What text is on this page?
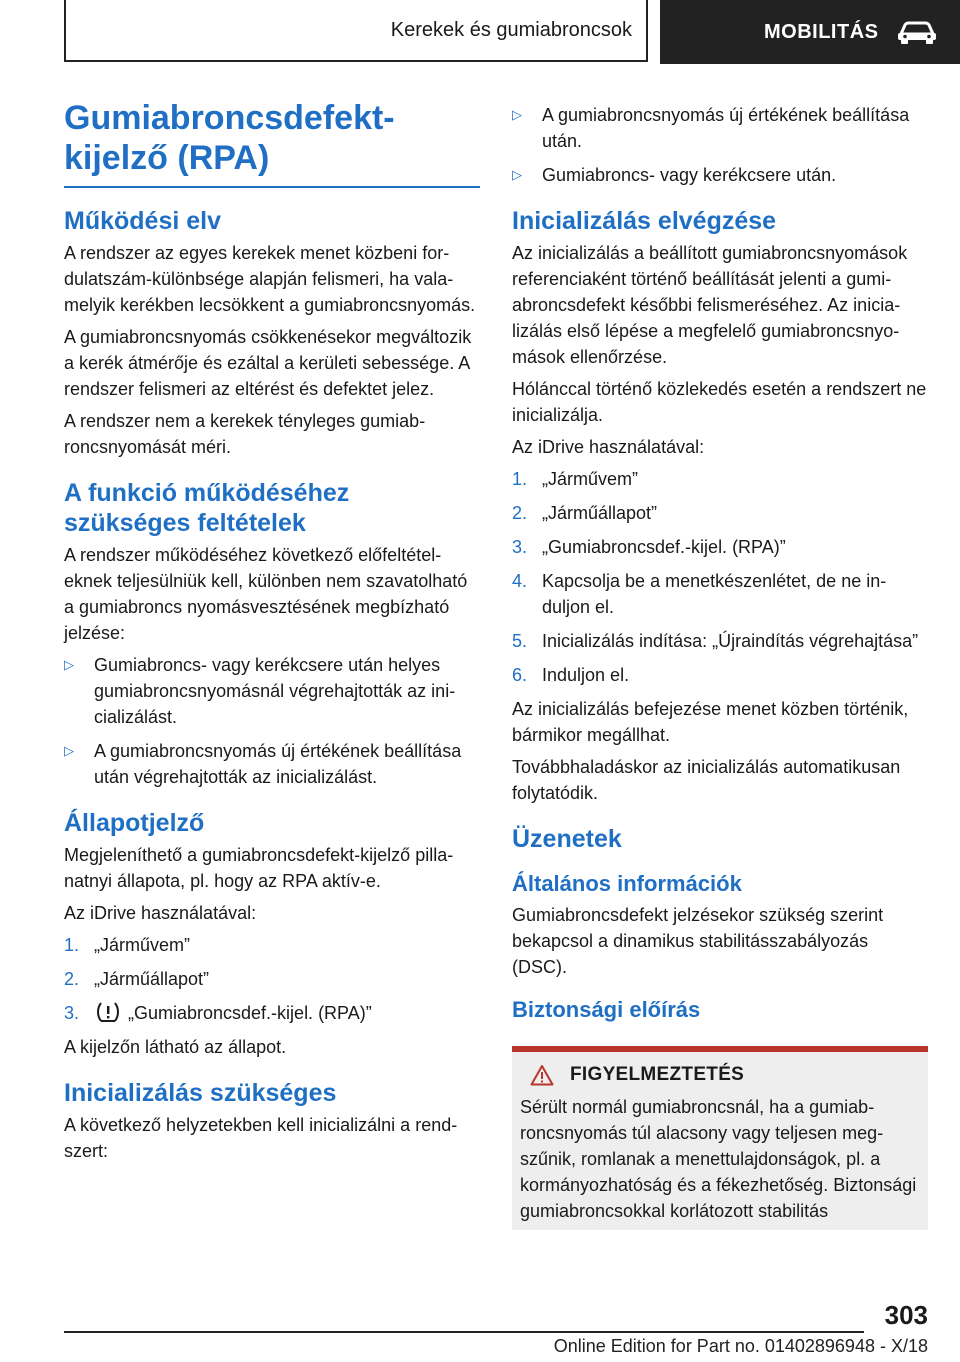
Kerekek és gumiabroncsok	MOBILITÁS
Gumiabroncsdefekt-kijelző (RPA)
Működési elv

A rendszer az egyes kerekek menet közbeni fordulatszám-különbsége alapján felismeri, ha valamelyik kerékben lecsökkent a gumiabroncsnyomás.

A gumiabroncsnyomás csökkenésekor megváltozik a kerék átmérője és ezáltal a kerületi sebessége. A rendszer felismeri az eltérést és defektet jelez.

A rendszer nem a kerekek tényleges gumiabroncsnyomását méri.

A funkció működéséhez szükséges feltételek

A rendszer működéséhez következő előfeltételeknek teljesülniük kell, különben nem szavatolható a gumiabroncs nyomásvesztésének megbízható jelzése:

▷	Gumiabroncs- vagy kerékcsere után helyes gumiabroncsnyomásnál végrehajtották az inicializálást.
▷	A gumiabroncsnyomás új értékének beállítása után végrehajtották az inicializálást.
Állapotjelző

Megjeleníthető a gumiabroncsdefekt-kijelző pillanatnyi állapota, pl. hogy az RPA aktív-e.

Az iDrive használatával:

1. „Járművem”
2. „Járműállapot”
3.	„Gumiabroncsdef.-kijel. (RPA)”

A kijelzőn látható az állapot.

Inicializálás szükséges

A következő helyzetekben kell inicializálni a rendszert:

▷	A gumiabroncsnyomás új értékének beállítása után.
▷	Gumiabroncs- vagy kerékcsere után.
Inicializálás elvégzése

Az inicializálás a beállított gumiabroncsnyomások referenciaként történő beállítását jelenti a gumiabroncsdefekt későbbi felismeréséhez. Az inicializálás első lépése a megfelelő gumiabroncsnyomások ellenőrzése.

Hólánccal történő közlekedés esetén a rendszert ne inicializálja.

Az iDrive használatával:

1. „Járművem”
2. „Járműállapot”
3. „Gumiabroncsdef.-kijel. (RPA)”
4. Kapcsolja be a menetkészenlétet, de ne induljon el.
5. Inicializálás indítása: „Újraindítás végrehajtása”
6. Induljon el.

Az inicializálás befejezése menet közben történik, bármikor megállhat.

Továbbhaladáskor az inicializálás automatikusan folytatódik.

Üzenetek
Általános információk

Gumiabroncsdefekt jelzésekor szükség szerint bekapcsol a dinamikus stabilitásszabályozás (DSC).

Biztonsági előírás
FIGYELMEZTETÉS

Sérült normál gumiabroncsnál, ha a gumiabroncsnyomás túl alacsony vagy teljesen megszűnik, romlanak a menettulajdonságok, pl. a kormányozhatóság és a fékezhetőség. Biztonsági gumiabroncsokkal korlátozott stabilitás

303
Online Edition for Part no. 01402896948 - X/18
